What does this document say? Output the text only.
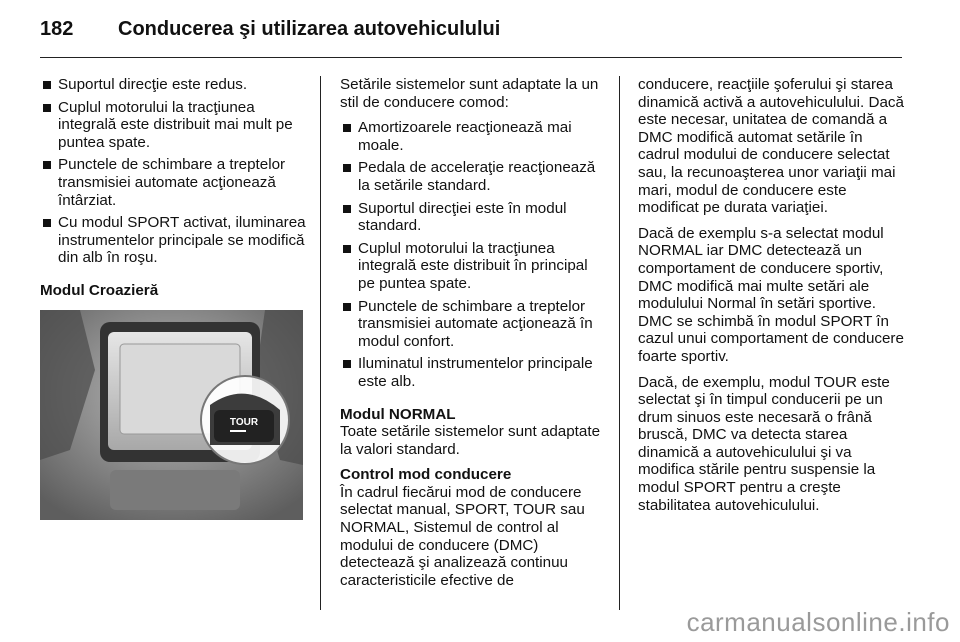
182	Conducerea şi utilizarea autovehiculului
Suportul direcţie este redus.
Cuplul motorului la tracţiunea integrală este distribuit mai mult pe puntea spate.
Punctele de schimbare a treptelor transmisiei automate acţionează întârziat.
Cu modul SPORT activat, iluminarea instrumentelor principale se modifică din alb în roşu.

Modul Croazieră

TOUR

Setările sistemelor sunt adaptate la un stil de conducere comod:

Amortizoarele reacţionează mai moale.
Pedala de acceleraţie reacţionează la setările standard.
Suportul direcţiei este în modul standard.
Cuplul motorului la tracţiunea integrală este distribuit în principal pe puntea spate.
Punctele de schimbare a treptelor transmisiei automate acţionează în modul confort.
Iluminatul instrumentelor principale este alb.

Modul NORMAL

Toate setările sistemelor sunt adaptate la valori standard.

Control mod conducere

În cadrul fiecărui mod de conducere selectat manual, SPORT, TOUR sau NORMAL, Sistemul de control al modului de conducere (DMC) detectează şi analizează continuu caracteristicile efective de

conducere, reacţiile şoferului şi starea dinamică activă a autovehiculului. Dacă este necesar, unitatea de comandă a DMC modifică automat setările în cadrul modului de conducere selectat sau, la recunoaşterea unor variaţii mai mari, modul de conducere este modificat pe durata variaţiei.

Dacă de exemplu s-a selectat modul NORMAL iar DMC detectează un comportament de conducere sportiv, DMC modifică mai multe setări ale modulului Normal în setări sportive. DMC se schimbă în modul SPORT în cazul unui comportament de conducere foarte sportiv.

Dacă, de exemplu, modul TOUR este selectat şi în timpul conducerii pe un drum sinuos este necesară o frână bruscă, DMC va detecta starea dinamică a autovehiculului şi va modifica stările pentru suspensie la modul SPORT pentru a creşte stabilitatea autovehiculului.

carmanualsonline.info
